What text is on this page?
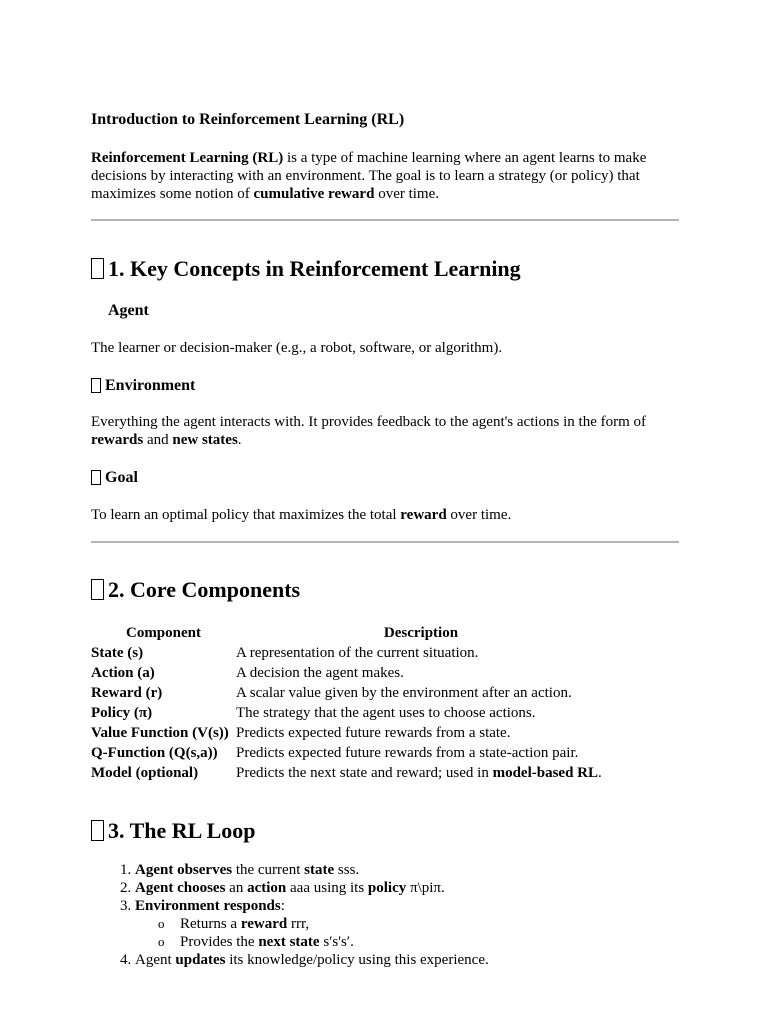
Introduction to Reinforcement Learning (RL)

Reinforcement Learning (RL) is a type of machine learning where an agent learns to make decisions by interacting with an environment. The goal is to learn a strategy (or policy) that maximizes some notion of cumulative reward over time.

1. Key Concepts in Reinforcement Learning
Agent

The learner or decision-maker (e.g., a robot, software, or algorithm).

Environment

Everything the agent interacts with. It provides feedback to the agent's actions in the form of rewards and new states.

Goal

To learn an optimal policy that maximizes the total reward over time.

2. Core Components
Component	Description
State (s)	A representation of the current situation.
Action (a)	A decision the agent makes.
Reward (r)	A scalar value given by the environment after an action.
Policy (π)	The strategy that the agent uses to choose actions.
Value Function (V(s))	Predicts expected future rewards from a state.
Q-Function (Q(s,a))	Predicts expected future rewards from a state-action pair.
Model (optional)	Predicts the next state and reward; used in model-based RL.
3. The RL Loop
1. Agent observes the current state sss.
2. Agent chooses an action aaa using its policy π\piπ.
3. Environment responds:
o Returns a reward rrr,
o Provides the next state s′s's′.
4. Agent updates its knowledge/policy using this experience.
